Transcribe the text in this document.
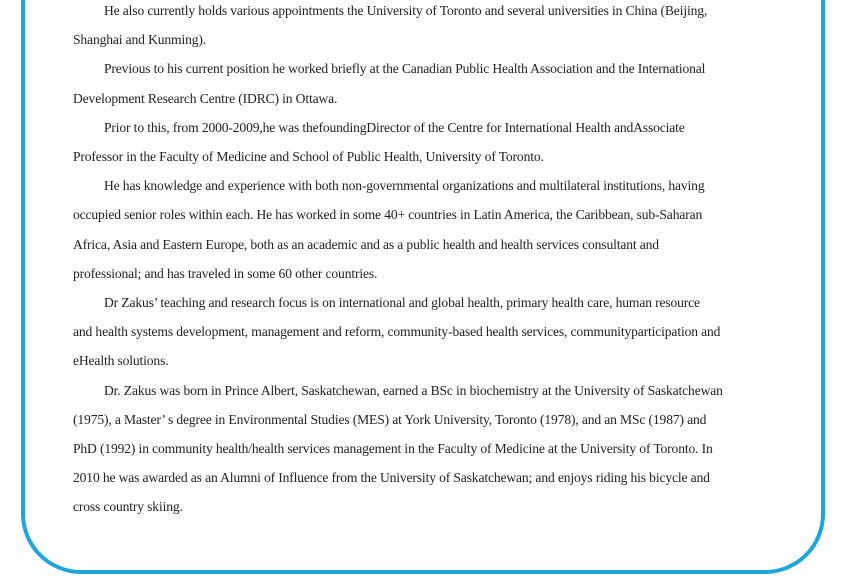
He also currently holds various appointments the University of Toronto and several universities in China (Beijing,
Shanghai and Kunming).
Previous to his current position he worked briefly at the Canadian Public Health Association and the International
Development Research Centre (IDRC) in Ottawa.
Prior to this, from 2000-2009,he was thefoundingDirector of the Centre for International Health andAssociate
Professor in the Faculty of Medicine and School of Public Health, University of Toronto.
He has knowledge and experience with both non-governmental organizations and multilateral institutions, having
occupied senior roles within each. He has worked in some 40+ countries in Latin America, the Caribbean, sub-Saharan
Africa, Asia and Eastern Europe, both as an academic and as a public health and health services consultant and
professional; and has traveled in some 60 other countries.
Dr Zakus’ teaching and research focus is on international and global health, primary health care, human resource
and health systems development, management and reform, community-based health services, communityparticipation and
eHealth solutions.
Dr. Zakus was born in Prince Albert, Saskatchewan, earned a BSc in biochemistry at the University of Saskatchewan
(1975), a Master’ s degree in Environmental Studies (MES) at York University, Toronto (1978), and an MSc (1987) and
PhD (1992) in community health/health services management in the Faculty of Medicine at the University of Toronto. In
2010 he was awarded as an Alumni of Influence from the University of Saskatchewan; and enjoys riding his bicycle and
cross country skiing.
